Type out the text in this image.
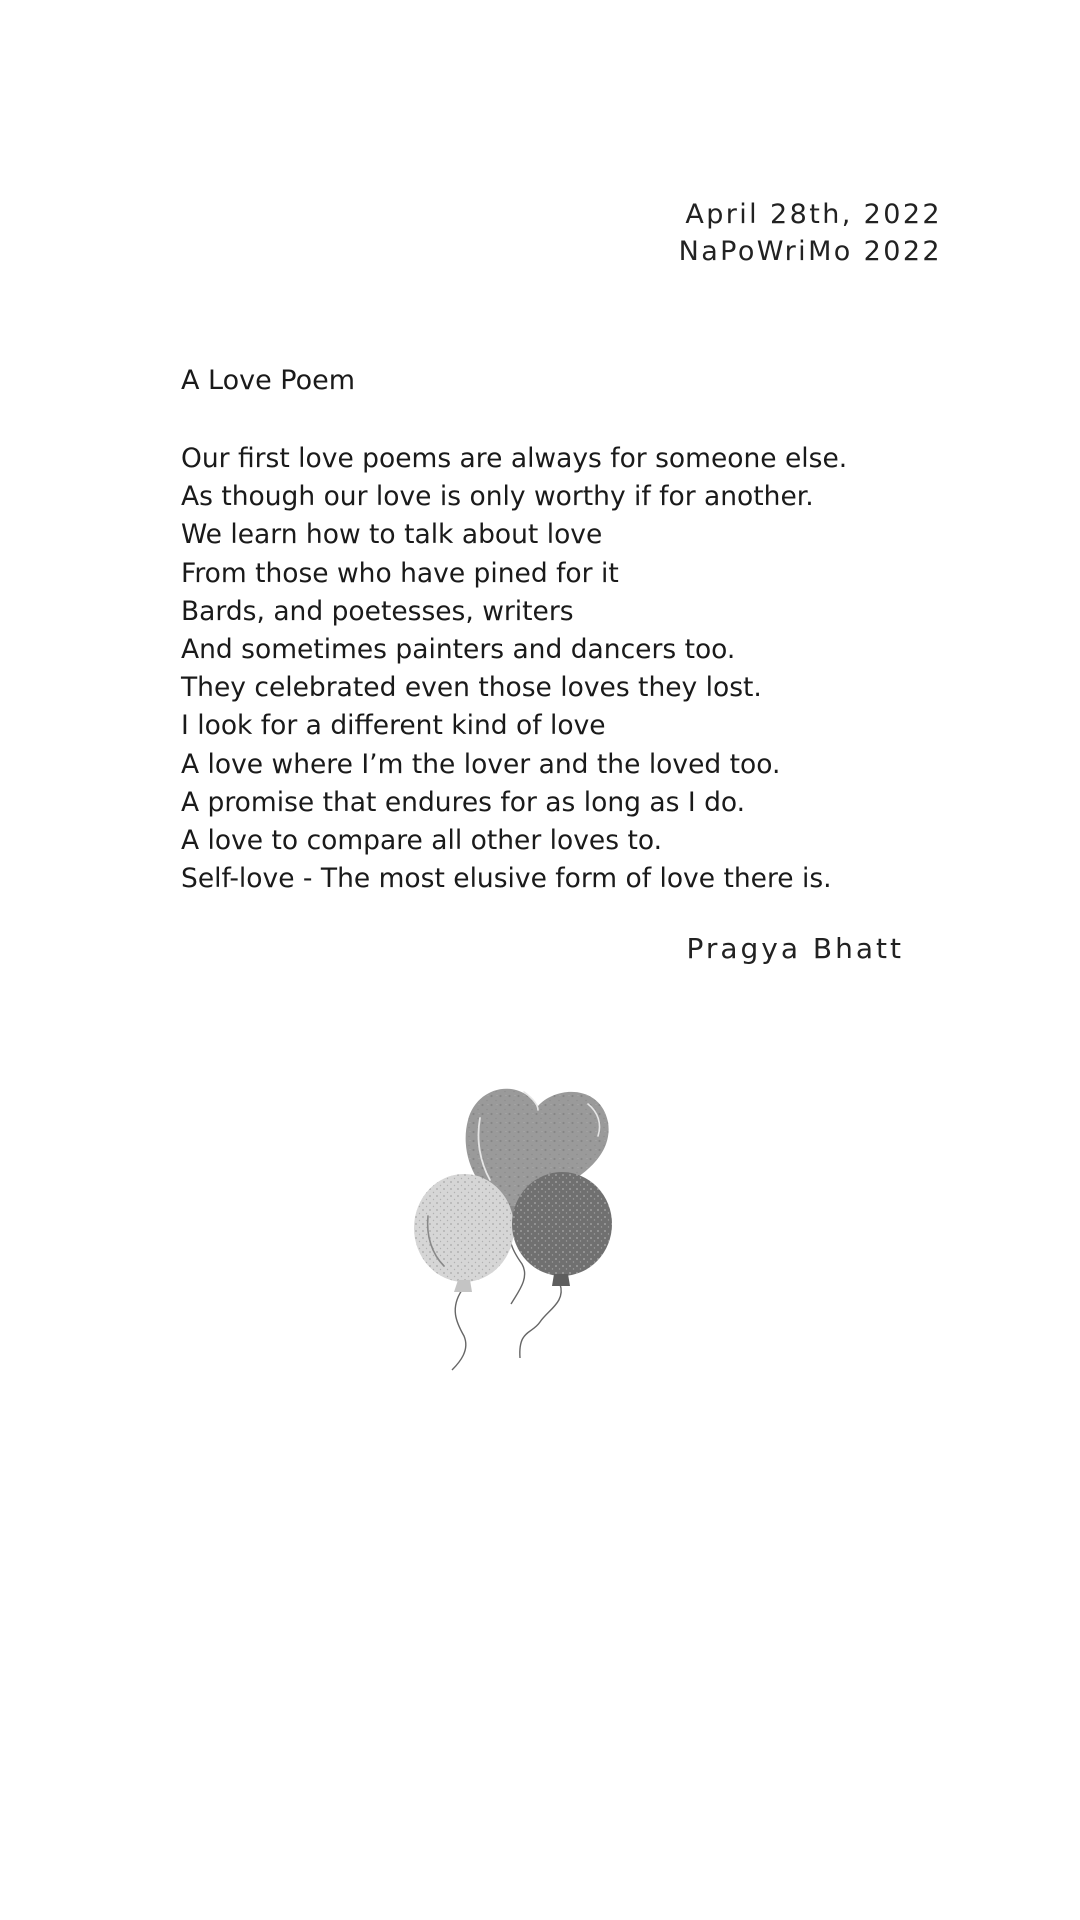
April 28th, 2022
NaPoWriMo 2022
A Love Poem
Our first love poems are always for someone else.
As though our love is only worthy if for another.
We learn how to talk about love
From those who have pined for it
Bards, and poetesses, writers
And sometimes painters and dancers too.
They celebrated even those loves they lost.
I look for a different kind of love
A love where I’m the lover and the loved too.
A promise that endures for as long as I do.
A love to compare all other loves to.
Self-love - The most elusive form of love there is.
Pragya Bhatt
